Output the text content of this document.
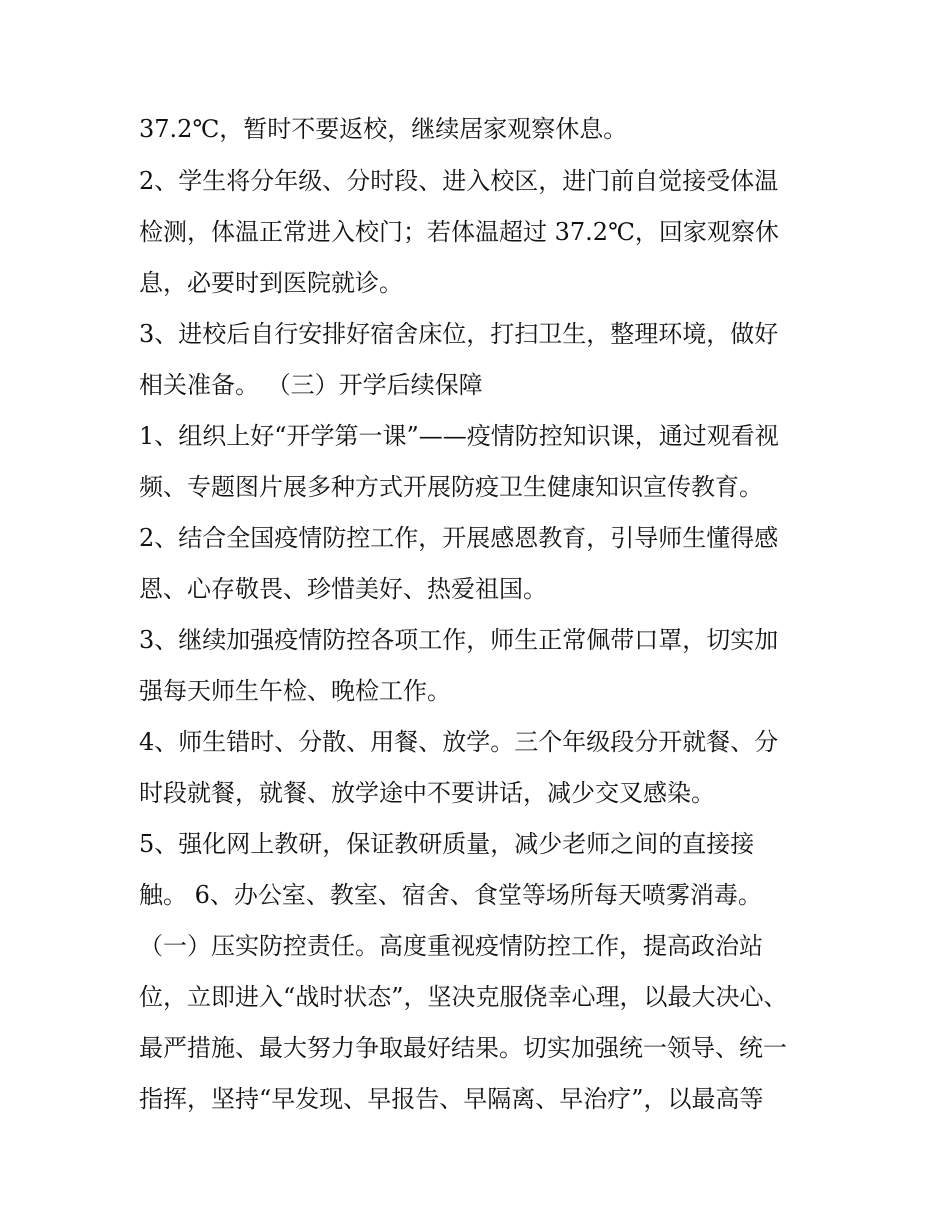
37.2℃，暂时不要返校，继续居家观察休息。

2、学生将分年级、分时段、进入校区，进门前自觉接受体温

检测，体温正常进入校门；若体温超过 37.2℃，回家观察休

息，必要时到医院就诊。

3、进校后自行安排好宿舍床位，打扫卫生，整理环境，做好

相关准备。 （三）开学后续保障

1、组织上好“开学第一课”——疫情防控知识课，通过观看视

频、专题图片展多种方式开展防疫卫生健康知识宣传教育。

2、结合全国疫情防控工作，开展感恩教育，引导师生懂得感

恩、心存敬畏、珍惜美好、热爱祖国。

3、继续加强疫情防控各项工作，师生正常佩带口罩，切实加

强每天师生午检、晚检工作。

4、师生错时、分散、用餐、放学。三个年级段分开就餐、分

时段就餐，就餐、放学途中不要讲话，减少交叉感染。

5、强化网上教研，保证教研质量，减少老师之间的直接接

触。 6、办公室、教室、宿舍、食堂等场所每天喷雾消毒。

（一）压实防控责任。高度重视疫情防控工作，提高政治站

位，立即进入“战时状态”，坚决克服侥幸心理，以最大决心、

最严措施、最大努力争取最好结果。切实加强统一领导、统一

指挥，坚持“早发现、早报告、早隔离、早治疗”，以最高等
